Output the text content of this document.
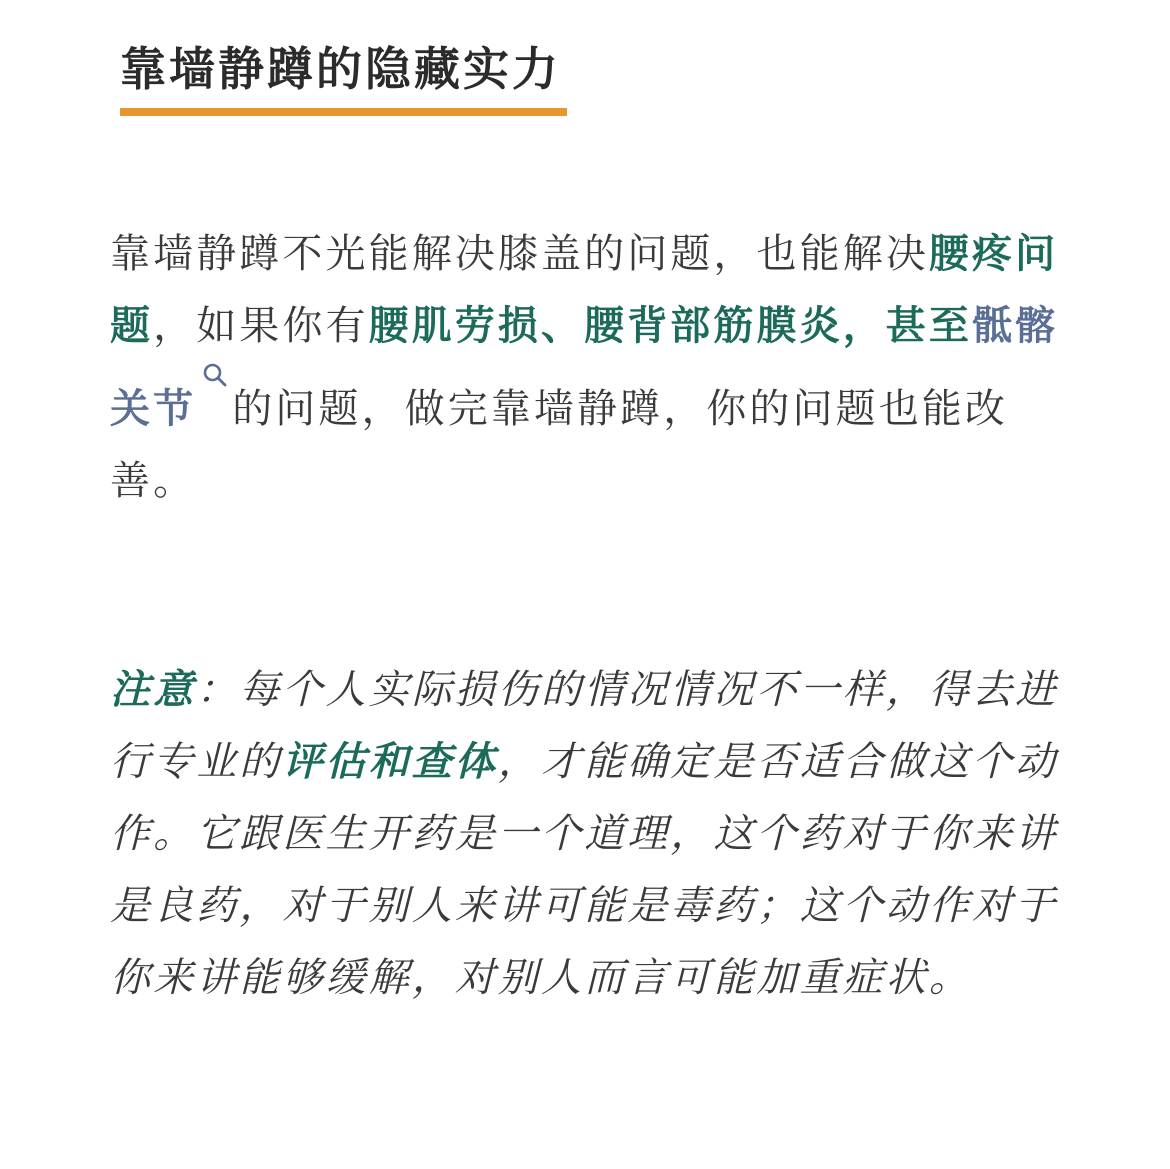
靠墙静蹲的隐藏实力

靠墙静蹲不光能解决膝盖的问题，也能解决腰疼问题，如果你有腰肌劳损、腰背部筋膜炎，甚至骶髂关节 的问题，做完靠墙静蹲，你的问题也能改善。

注意：每个人实际损伤的情况情况不一样，得去进行专业的评估和查体，才能确定是否适合做这个动作。它跟医生开药是一个道理，这个药对于你来讲是良药，对于别人来讲可能是毒药；这个动作对于你来讲能够缓解，对别人而言可能加重症状。
